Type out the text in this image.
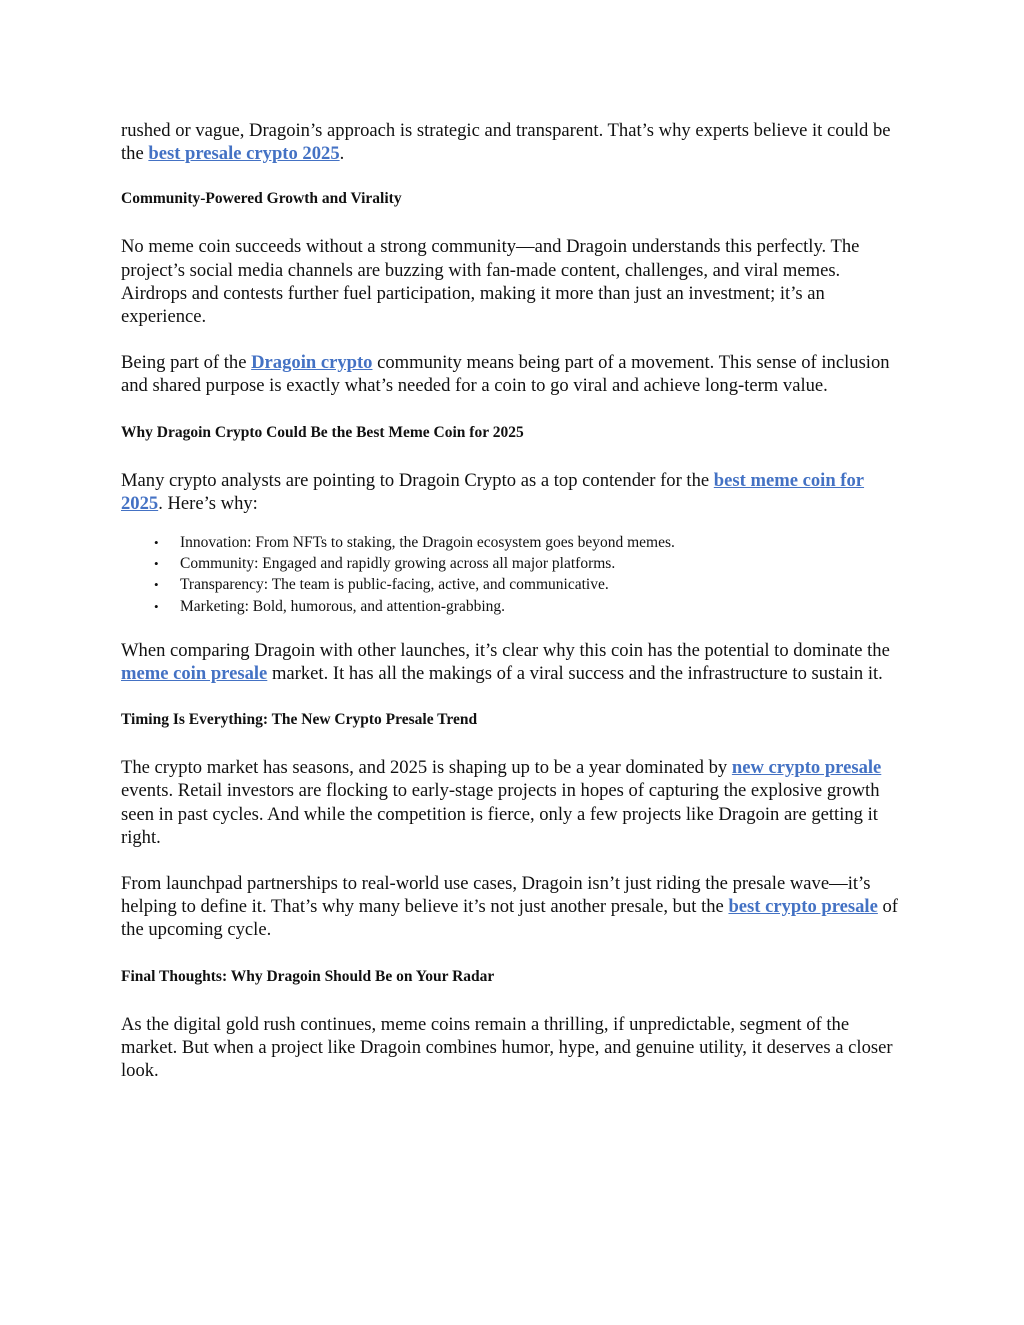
rushed or vague, Dragoin’s approach is strategic and transparent. That’s why experts believe it could be the best presale crypto 2025.

Community-Powered Growth and Virality

No meme coin succeeds without a strong community—and Dragoin understands this perfectly. The project’s social media channels are buzzing with fan-made content, challenges, and viral memes. Airdrops and contests further fuel participation, making it more than just an investment; it’s an experience.

Being part of the Dragoin crypto community means being part of a movement. This sense of inclusion and shared purpose is exactly what’s needed for a coin to go viral and achieve long-term value.

Why Dragoin Crypto Could Be the Best Meme Coin for 2025

Many crypto analysts are pointing to Dragoin Crypto as a top contender for the best meme coin for 2025. Here’s why:

• Innovation: From NFTs to staking, the Dragoin ecosystem goes beyond memes.
• Community: Engaged and rapidly growing across all major platforms.
• Transparency: The team is public-facing, active, and communicative.
• Marketing: Bold, humorous, and attention-grabbing.

When comparing Dragoin with other launches, it’s clear why this coin has the potential to dominate the meme coin presale market. It has all the makings of a viral success and the infrastructure to sustain it.

Timing Is Everything: The New Crypto Presale Trend

The crypto market has seasons, and 2025 is shaping up to be a year dominated by new crypto presale events. Retail investors are flocking to early-stage projects in hopes of capturing the explosive growth seen in past cycles. And while the competition is fierce, only a few projects like Dragoin are getting it right.

From launchpad partnerships to real-world use cases, Dragoin isn’t just riding the presale wave—it’s helping to define it. That’s why many believe it’s not just another presale, but the best crypto presale of the upcoming cycle.

Final Thoughts: Why Dragoin Should Be on Your Radar

As the digital gold rush continues, meme coins remain a thrilling, if unpredictable, segment of the market. But when a project like Dragoin combines humor, hype, and genuine utility, it deserves a closer look.
